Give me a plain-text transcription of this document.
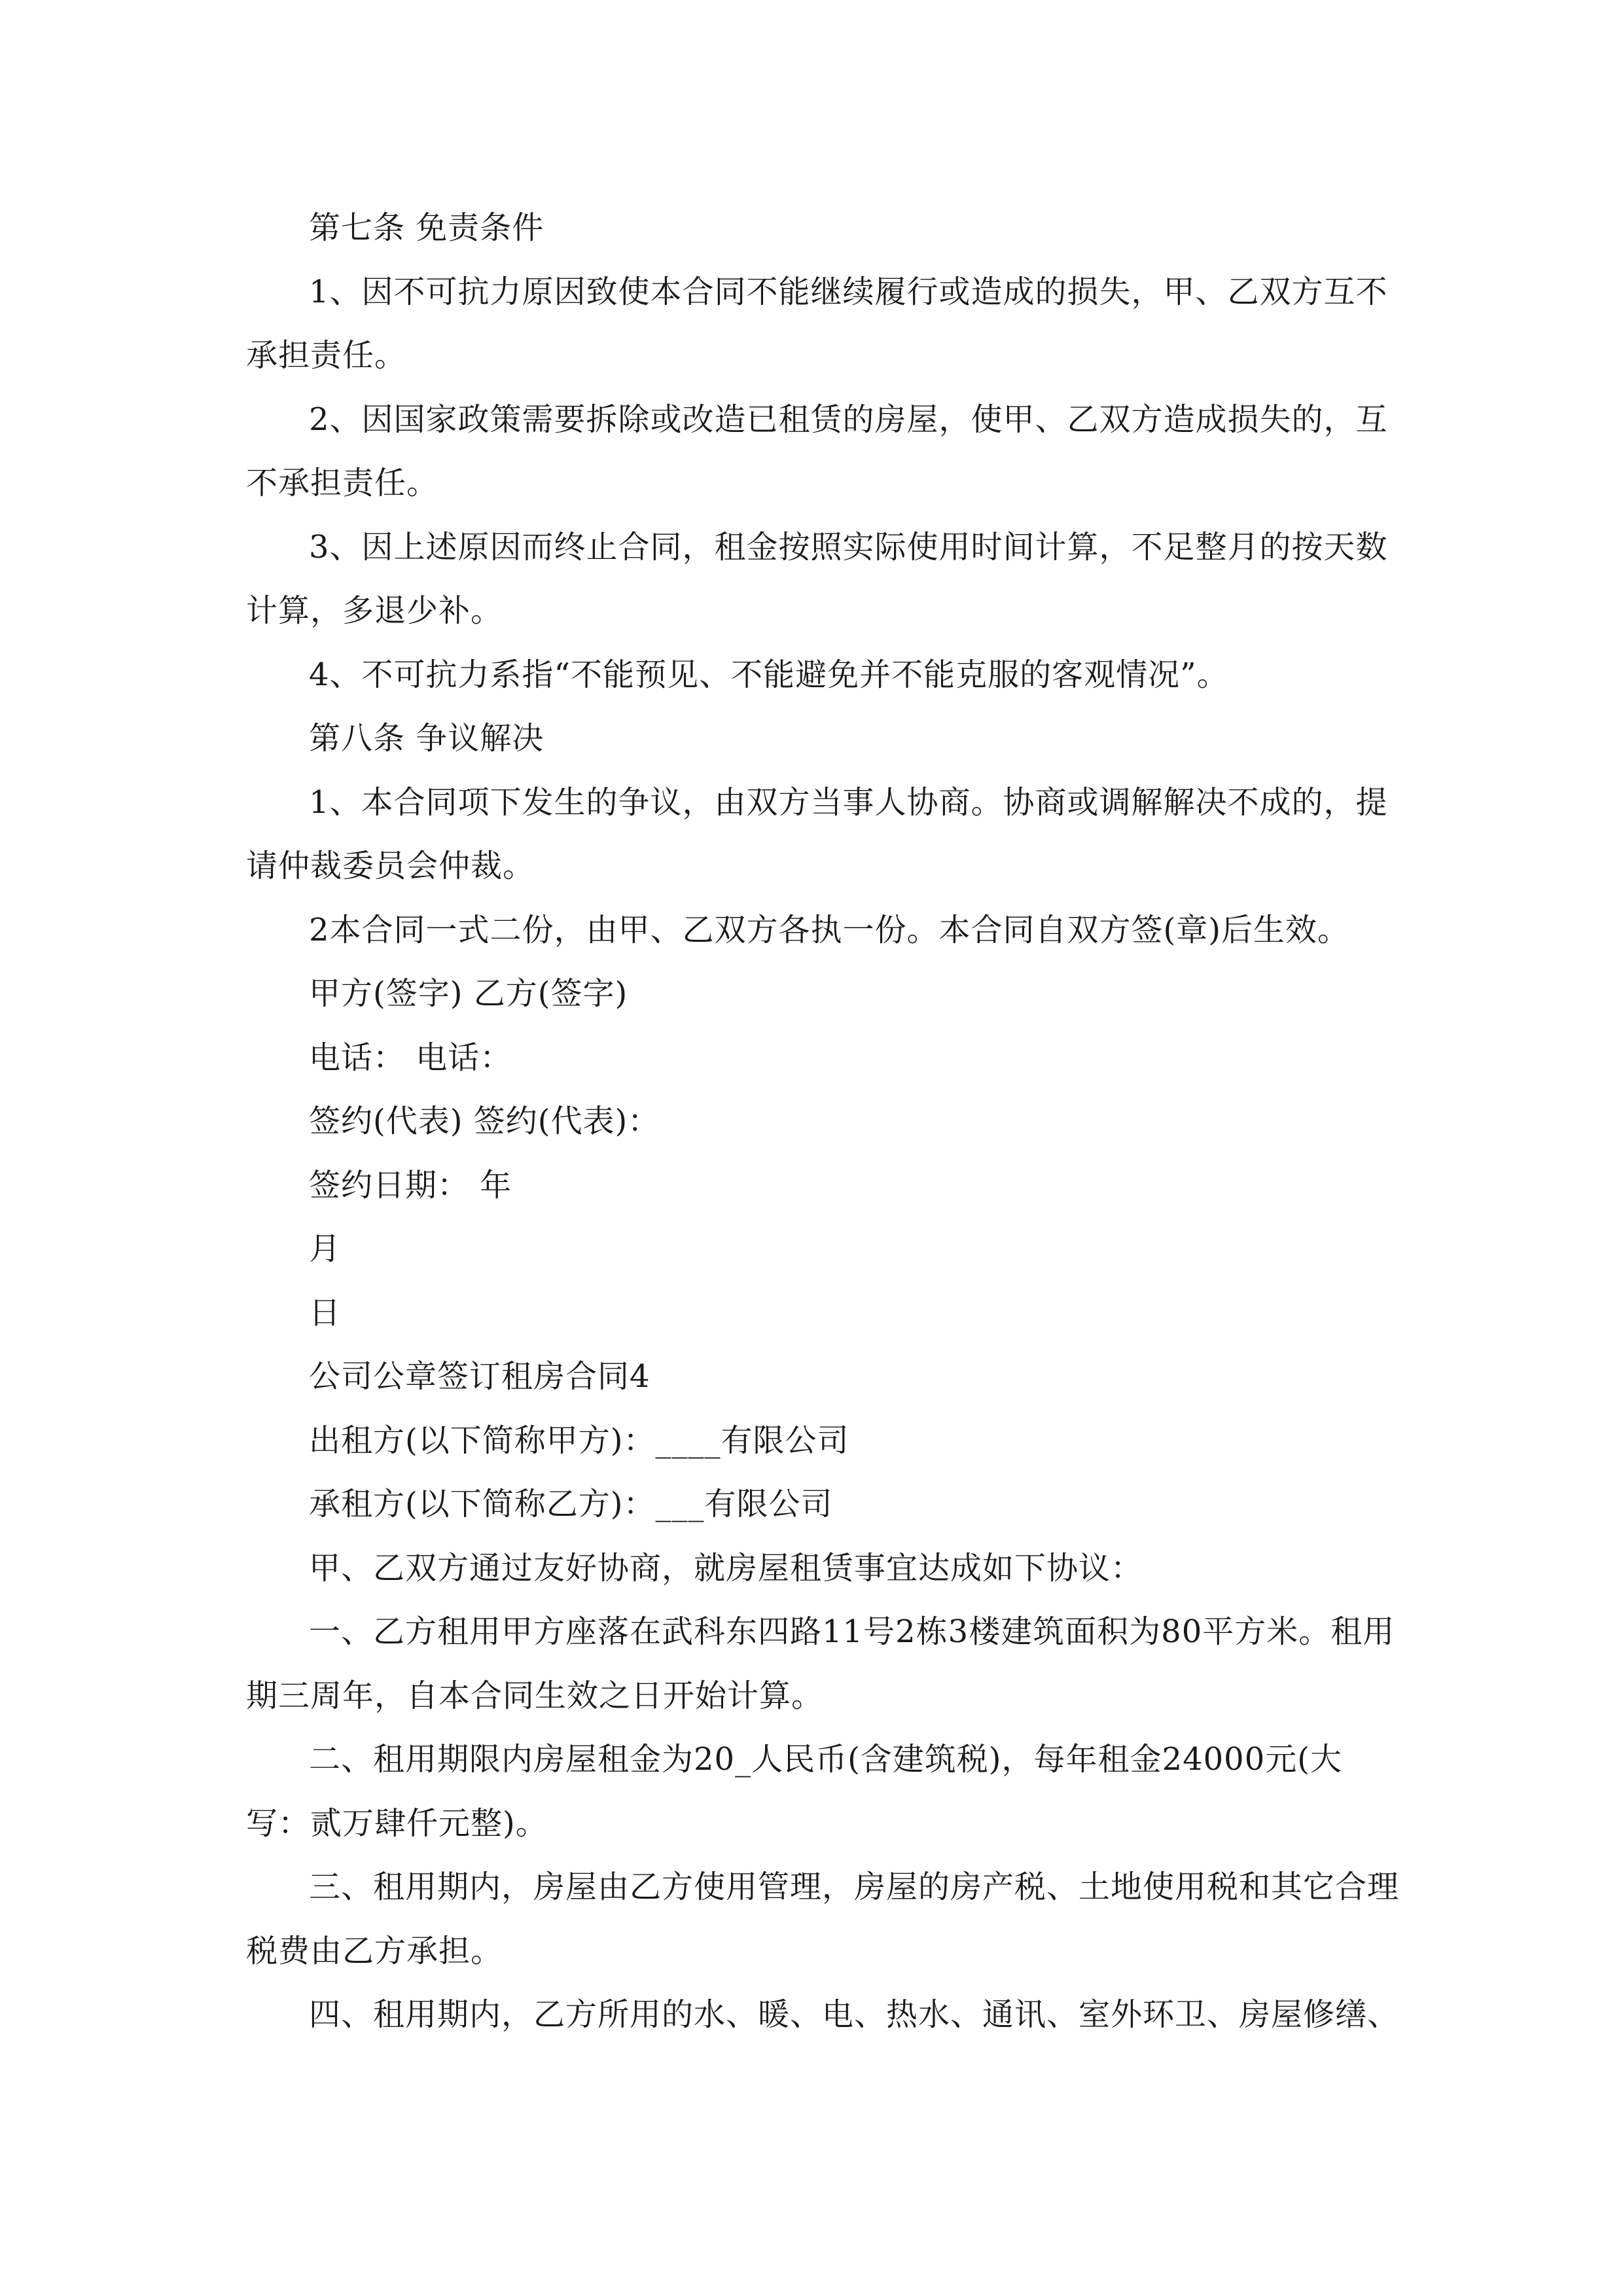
第七条 免责条件

1、因不可抗力原因致使本合同不能继续履行或造成的损失，甲、乙双方互不承担责任。

2、因国家政策需要拆除或改造已租赁的房屋，使甲、乙双方造成损失的，互不承担责任。

3、因上述原因而终止合同，租金按照实际使用时间计算，不足整月的按天数计算，多退少补。

4、不可抗力系指“不能预见、不能避免并不能克服的客观情况”。

第八条 争议解决

1、本合同项下发生的争议，由双方当事人协商。协商或调解解决不成的，提请仲裁委员会仲裁。

2本合同一式二份，由甲、乙双方各执一份。本合同自双方签(章)后生效。

甲方(签字) 乙方(签字)

电话： 电话：

签约(代表) 签约(代表)：

签约日期： 年

月

日

公司公章签订租房合同4

出租方(以下简称甲方)：____有限公司

承租方(以下简称乙方)：___有限公司

甲、乙双方通过友好协商，就房屋租赁事宜达成如下协议：

一、乙方租用甲方座落在武科东四路11号2栋3楼建筑面积为80平方米。租用期三周年，自本合同生效之日开始计算。

二、租用期限内房屋租金为20_人民币(含建筑税)，每年租金24000元(大写：贰万肆仟元整)。

三、租用期内，房屋由乙方使用管理，房屋的房产税、土地使用税和其它合理税费由乙方承担。

四、租用期内，乙方所用的水、暖、电、热水、通讯、室外环卫、房屋修缮、
